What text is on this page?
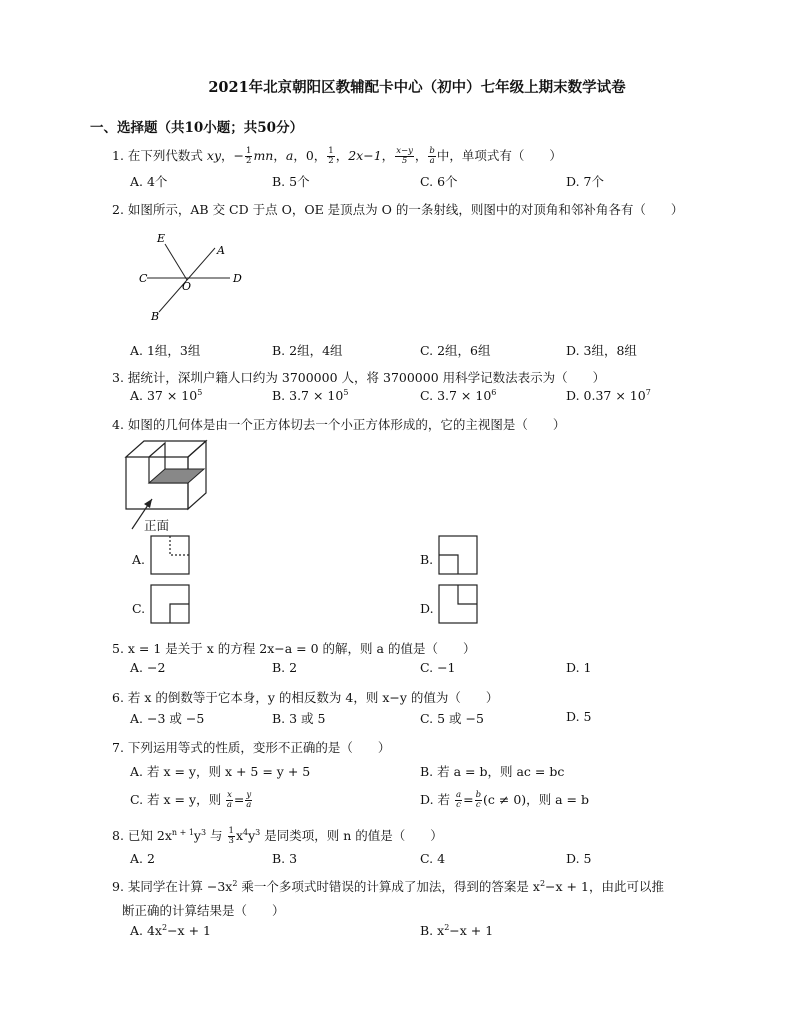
2021年北京朝阳区教辅配卡中心（初中）七年级上期末数学试卷
一、选择题（共10小题；共50分）
1. 在下列代数式 xy，− $\frac{1}{2}$ mn，a，0， $\frac{1}{2}$ ，2x−1， $\frac{x-y}{5}$ ， $\frac{b}{a}$ 中，单项式有（　　）
A. 4个	B. 5个	C. 6个	D. 7个
2. 如图所示，AB 交 CD 于点 O，OE 是顶点为 O 的一条射线，则图中的对顶角和邻补角各有（　　）
E
A
C
O
D
B
A. 1组，3组	B. 2组，4组	C. 2组，6组	D. 3组，8组
3. 据统计，深圳户籍人口约为 3700000 人，将 3700000 用科学记数法表示为（　　）
A. $37 \times 10^5$	B. $3.7 \times 10^5$	C. $3.7 \times 10^6$	D. $0.37 \times 10^7$
4. 如图的几何体是由一个正方体切去一个小正方体形成的，它的主视图是（　　）
正面
A.	B.
C.	D.
5. x = 1 是关于 x 的方程 2x−a = 0 的解，则 a 的值是（　　）
A. −2	B. 2	C. −1	D. 1
6. 若 x 的倒数等于它本身，y 的相反数为 4，则 x−y 的值为（　　）
A. −3 或 −5	B. 3 或 5	C. 5 或 −5	D. 5
7. 下列运用等式的性质，变形不正确的是（　　）
A. 若 x = y，则 x + 5 = y + 5	B. 若 a = b，则 ac = bc
C. 若 x = y，则 $\frac{x}{a} = \frac{y}{a}$	D. 若 $\frac{a}{c} = \frac{b}{c} (c \ne 0)$，则 a = b
8. 已知 $2x^{n + 1}y^3$ 与 $\frac{1}{3} x^4y^3$ 是同类项，则 n 的值是（　　）
A. 2	B. 3	C. 4	D. 5
9. 某同学在计算 $-3x^2$ 乘一个多项式时错误的计算成了加法，得到的答案是 $x^2-x + 1$，由此可以推
断正确的计算结果是（　　）
A. $4x^2-x + 1$	B. $x^2-x + 1$
